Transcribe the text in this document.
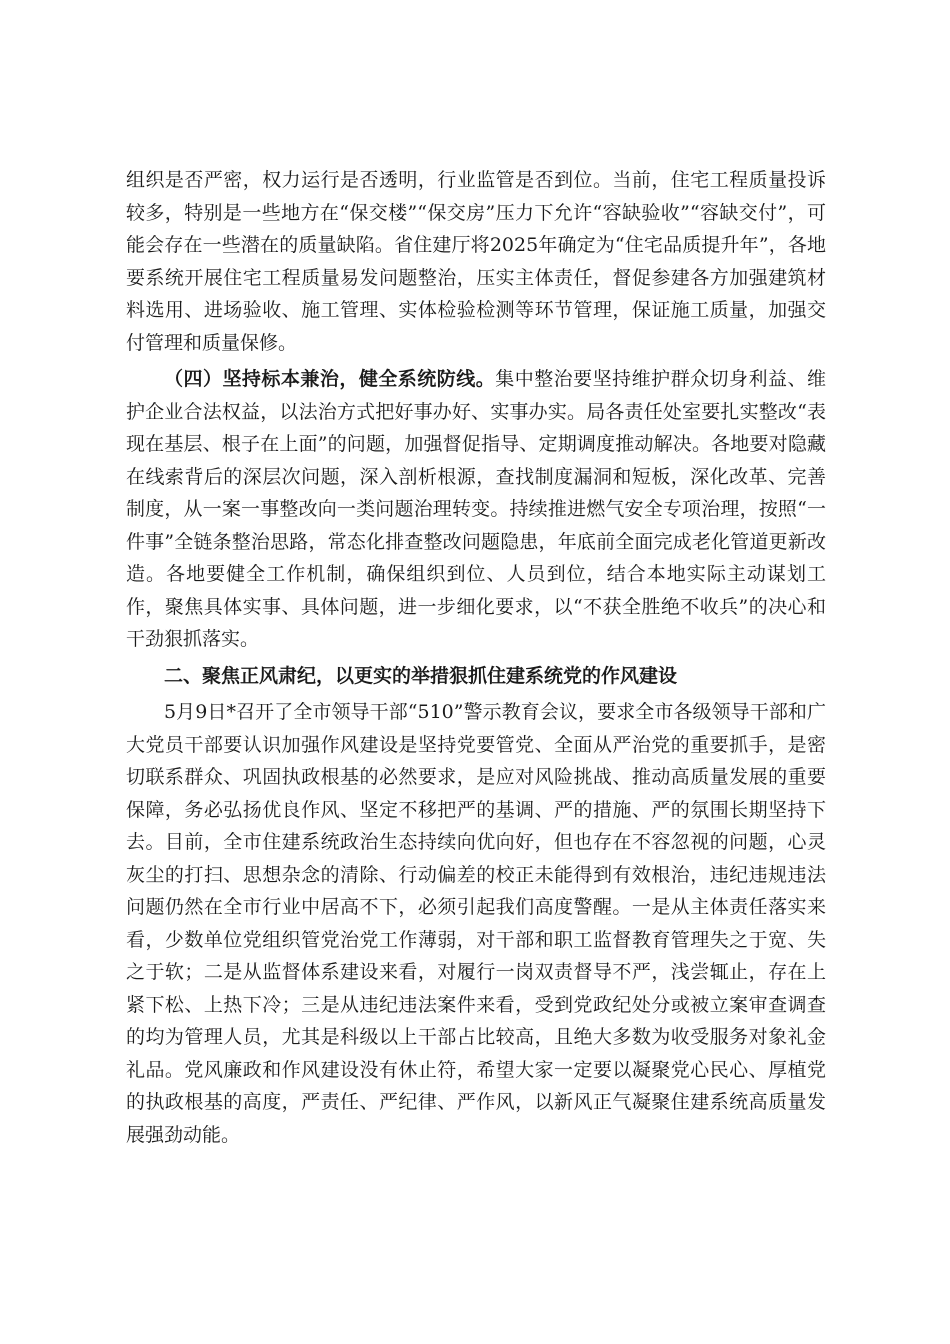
组织是否严密，权力运行是否透明，行业监管是否到位。当前，住宅工程质量投诉较多，特别是一些地方在“保交楼”“保交房”压力下允许“容缺验收”“容缺交付”，可能会存在一些潜在的质量缺陷。省住建厅将2025年确定为“住宅品质提升年”，各地要系统开展住宅工程质量易发问题整治，压实主体责任，督促参建各方加强建筑材料选用、进场验收、施工管理、实体检验检测等环节管理，保证施工质量，加强交付管理和质量保修。

（四）坚持标本兼治，健全系统防线。集中整治要坚持维护群众切身利益、维护企业合法权益，以法治方式把好事办好、实事办实。局各责任处室要扎实整改“表现在基层、根子在上面”的问题，加强督促指导、定期调度推动解决。各地要对隐藏在线索背后的深层次问题，深入剖析根源，查找制度漏洞和短板，深化改革、完善制度，从一案一事整改向一类问题治理转变。持续推进燃气安全专项治理，按照“一件事”全链条整治思路，常态化排查整改问题隐患，年底前全面完成老化管道更新改造。各地要健全工作机制，确保组织到位、人员到位，结合本地实际主动谋划工作，聚焦具体实事、具体问题，进一步细化要求，以“不获全胜绝不收兵”的决心和干劲狠抓落实。

二、聚焦正风肃纪，以更实的举措狠抓住建系统党的作风建设

5月9日*召开了全市领导干部“510”警示教育会议，要求全市各级领导干部和广大党员干部要认识加强作风建设是坚持党要管党、全面从严治党的重要抓手，是密切联系群众、巩固执政根基的必然要求，是应对风险挑战、推动高质量发展的重要保障，务必弘扬优良作风、坚定不移把严的基调、严的措施、严的氛围长期坚持下去。目前，全市住建系统政治生态持续向优向好，但也存在不容忽视的问题，心灵灰尘的打扫、思想杂念的清除、行动偏差的校正未能得到有效根治，违纪违规违法问题仍然在全市行业中居高不下，必须引起我们高度警醒。一是从主体责任落实来看，少数单位党组织管党治党工作薄弱，对干部和职工监督教育管理失之于宽、失之于软；二是从监督体系建设来看，对履行一岗双责督导不严，浅尝辄止，存在上紧下松、上热下冷；三是从违纪违法案件来看，受到党政纪处分或被立案审查调查的均为管理人员，尤其是科级以上干部占比较高，且绝大多数为收受服务对象礼金礼品。党风廉政和作风建设没有休止符，希望大家一定要以凝聚党心民心、厚植党的执政根基的高度，严责任、严纪律、严作风，以新风正气凝聚住建系统高质量发展强劲动能。
